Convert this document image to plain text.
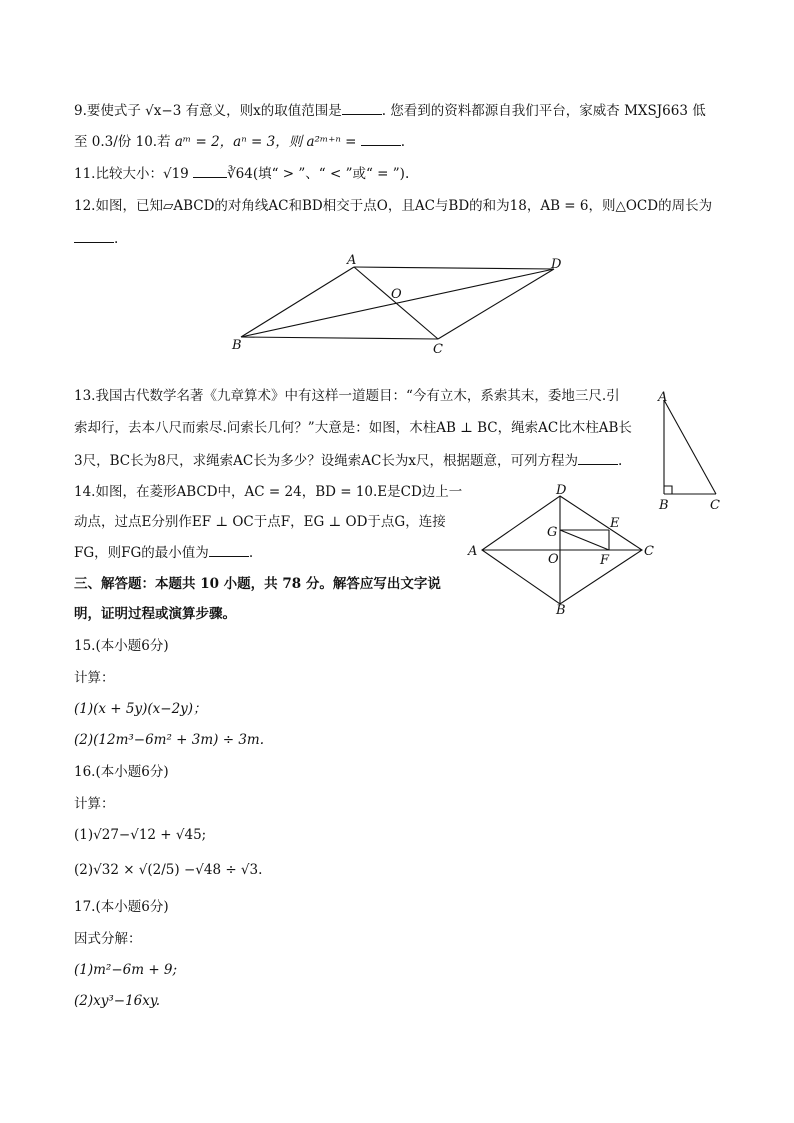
9.要使式子 √x−3 有意义，则x的取值范围是	. 您看到的资料都源自我们平台，家威杏 MXSJ663 低
至 0.3/份 10.若 aᵐ = 2，aⁿ = 3，则 a²ᵐ⁺ⁿ =	.
11.比较大小：√19	∛64(填“ > ”、“ < ”或“ = ”).
12.如图，已知▱ABCD的对角线AC和BD相交于点O，且AC与BD的和为18，AB = 6，则△OCD的周长为
.
A	D
O
B	C
13.我国古代数学名著《九章算术》中有这样一道题目：“今有立木，系索其末，委地三尺.引
索却行，去本八尺而索尽.问索长几何？”大意是：如图，木柱AB ⊥ BC，绳索AC比木柱AB长
3尺，BC长为8尺，求绳索AC长为多少？设绳索AC长为x尺，根据题意，可列方程为	.
A
B	C
14.如图，在菱形ABCD中，AC = 24，BD = 10.E是CD边上一
动点，过点E分别作EF ⊥ OC于点F，EG ⊥ OD于点G，连接
FG，则FG的最小值为	.
D
A	C
B
G
E
F
O
三、解答题：本题共 10 小题，共 78 分。解答应写出文字说
明，证明过程或演算步骤。
15.(本小题6分)
计算：
(1)(x + 5y)(x−2y)；
(2)(12m³−6m² + 3m) ÷ 3m.
16.(本小题6分)
计算：
(1)√27−√12 + √45;
(2)√32 × √(2/5) −√48 ÷ √3.
17.(本小题6分)
因式分解：
(1)m²−6m + 9;
(2)xy³−16xy.
